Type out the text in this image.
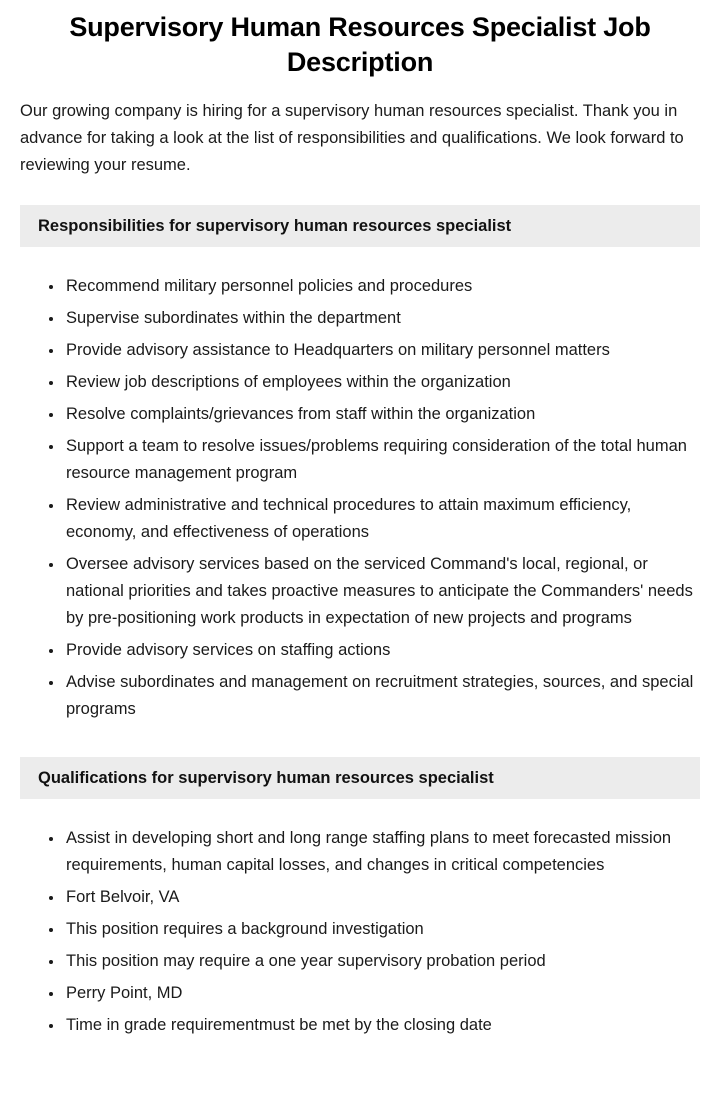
Supervisory Human Resources Specialist Job Description

Our growing company is hiring for a supervisory human resources specialist. Thank you in advance for taking a look at the list of responsibilities and qualifications. We look forward to reviewing your resume.

Responsibilities for supervisory human resources specialist
• Recommend military personnel policies and procedures
• Supervise subordinates within the department
• Provide advisory assistance to Headquarters on military personnel matters
• Review job descriptions of employees within the organization
• Resolve complaints/grievances from staff within the organization
• Support a team to resolve issues/problems requiring consideration of the total human resource management program
• Review administrative and technical procedures to attain maximum efficiency, economy, and effectiveness of operations
• Oversee advisory services based on the serviced Command's local, regional, or national priorities and takes proactive measures to anticipate the Commanders' needs by pre-positioning work products in expectation of new projects and programs
• Provide advisory services on staffing actions
• Advise subordinates and management on recruitment strategies, sources, and special programs
Qualifications for supervisory human resources specialist
• Assist in developing short and long range staffing plans to meet forecasted mission requirements, human capital losses, and changes in critical competencies
• Fort Belvoir, VA
• This position requires a background investigation
• This position may require a one year supervisory probation period
• Perry Point, MD
• Time in grade requirementmust be met by the closing date
